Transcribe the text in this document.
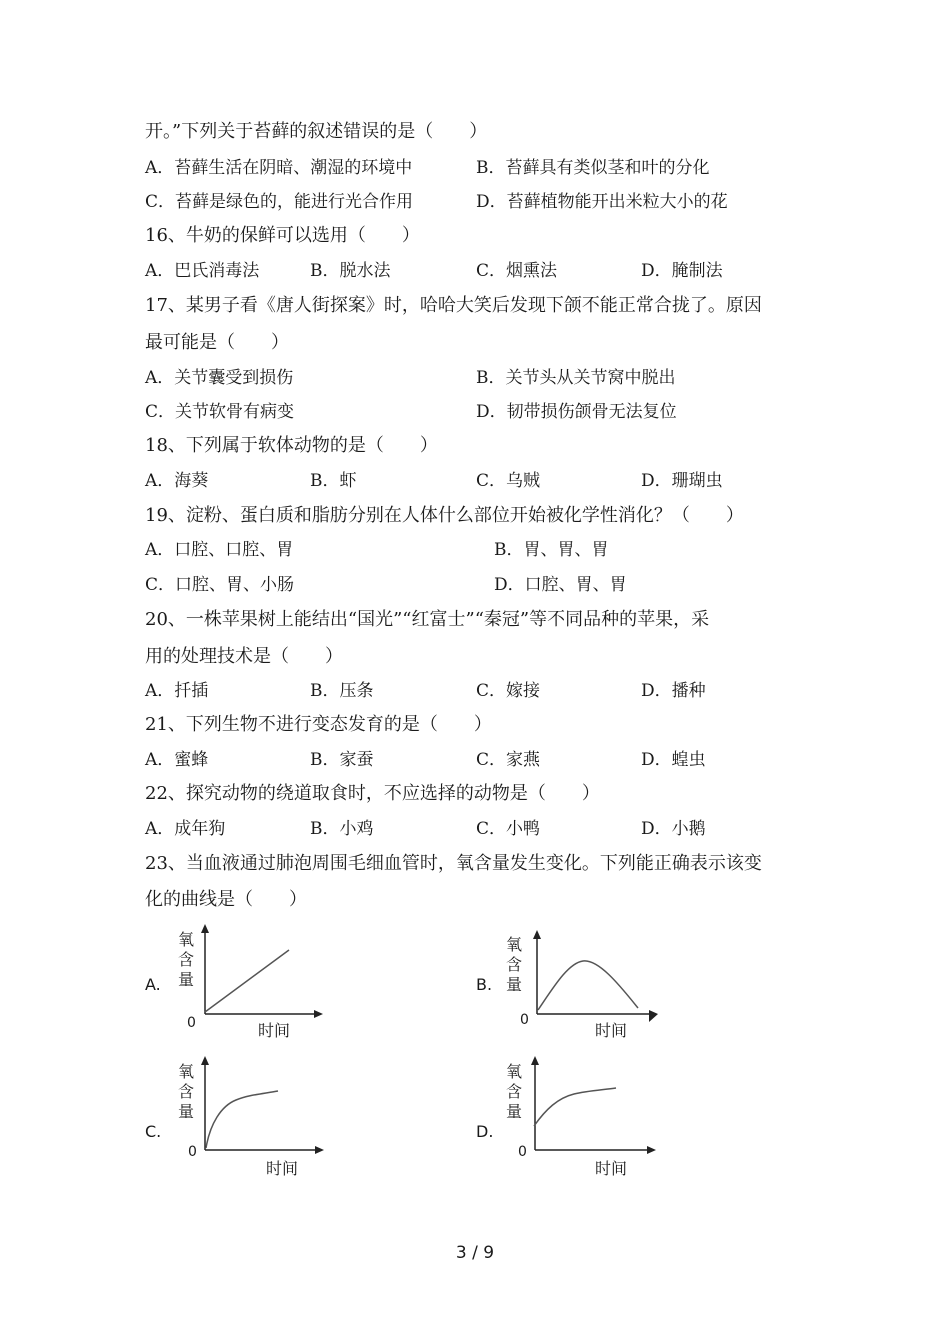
开。”下列关于苔藓的叙述错误的是（　　）
A．苔藓生活在阴暗、潮湿的环境中	B．苔藓具有类似茎和叶的分化
C．苔藓是绿色的，能进行光合作用	D．苔藓植物能开出米粒大小的花
16、牛奶的保鲜可以选用（　　）
A．巴氏消毒法	B．脱水法	C．烟熏法	D．腌制法
17、某男子看《唐人街探案》时，哈哈大笑后发现下颌不能正常合拢了。原因
最可能是（　　）
A．关节囊受到损伤	B．关节头从关节窝中脱出
C．关节软骨有病变	D．韧带损伤颌骨无法复位
18、下列属于软体动物的是（　　）
A．海葵	B．虾	C．乌贼	D．珊瑚虫
19、淀粉、蛋白质和脂肪分别在人体什么部位开始被化学性消化？（　　）
A．口腔、口腔、胃	B．胃、胃、胃
C．口腔、胃、小肠	D．口腔、胃、胃
20、一株苹果树上能结出“国光”“红富士”“秦冠”等不同品种的苹果，采
用的处理技术是（　　）
A．扦插	B．压条	C．嫁接	D．播种
21、下列生物不进行变态发育的是（　　）
A．蜜蜂	B．家蚕	C．家燕	D．蝗虫
22、探究动物的绕道取食时，不应选择的动物是（　　）
A．成年狗	B．小鸡	C．小鸭	D．小鹅
23、当血液通过肺泡周围毛细血管时，氧含量发生变化。下列能正确表示该变
化的曲线是（　　）
A.
氧
含
量
0	时间
B.
氧
含
量
0
时间
C.
氧
含
量
0
时间
D.
氧
含
量
0
时间
3 / 9
